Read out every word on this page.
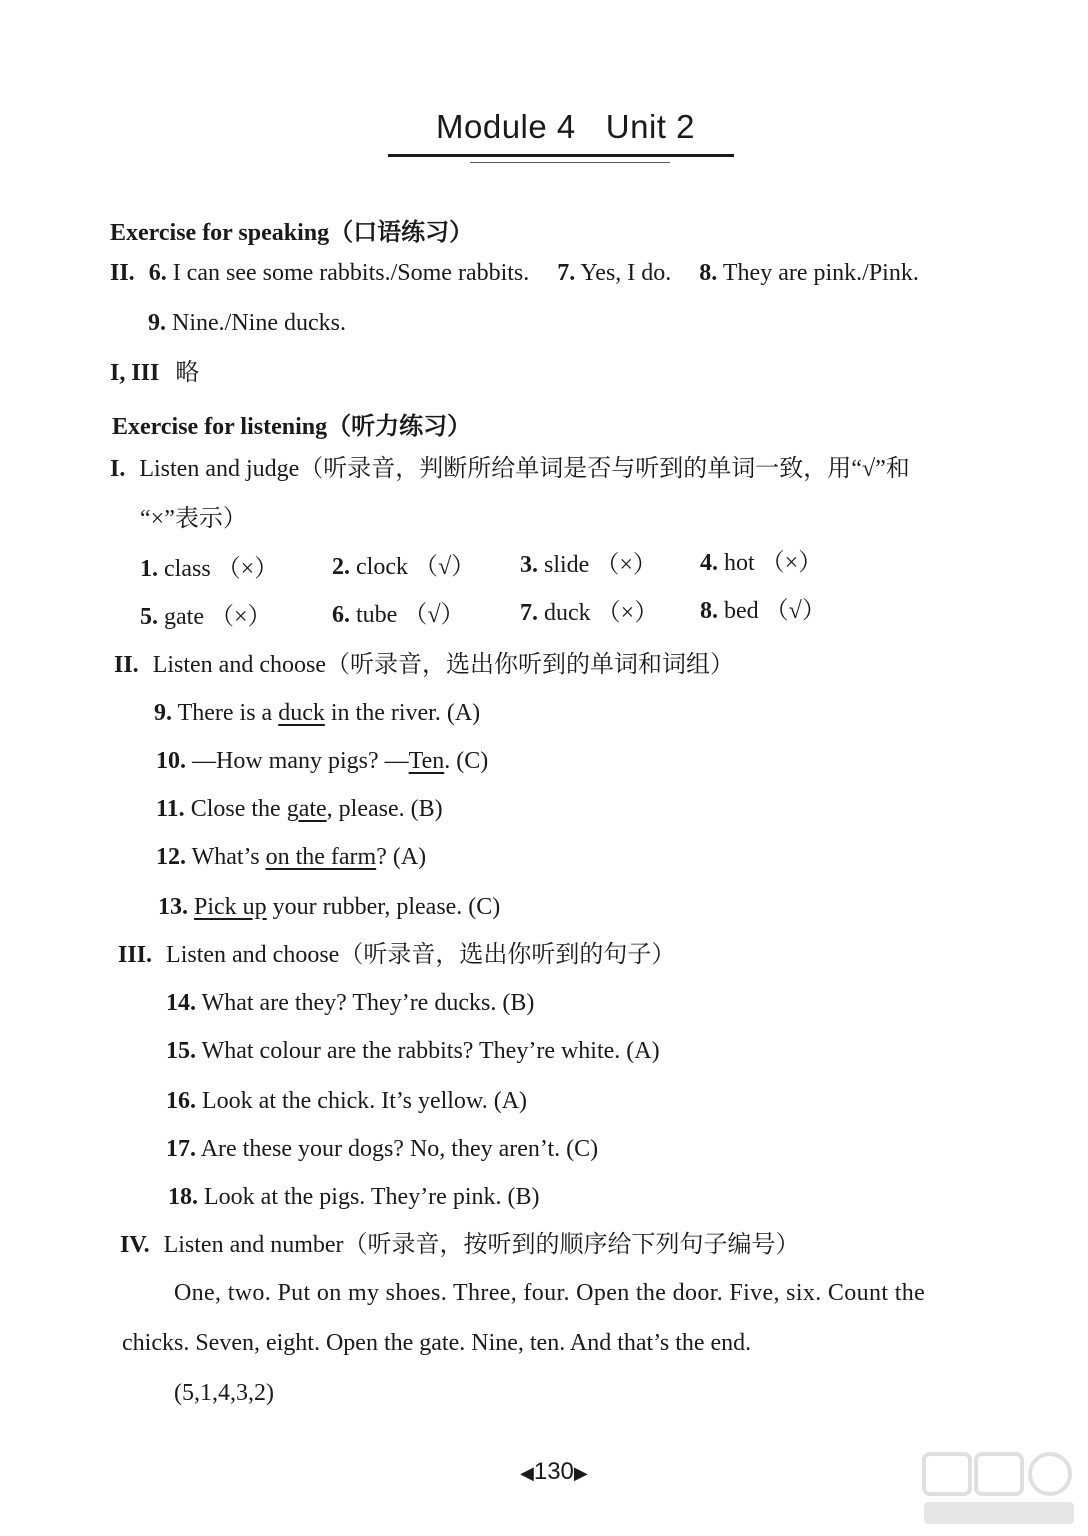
Module 4 Unit 2
Exercise for speaking（口语练习）
II. 6. I can see some rabbits./Some rabbits. 7. Yes, I do. 8. They are pink./Pink.
9. Nine./Nine ducks.
I, III 略
Exercise for listening（听力练习）
I. Listen and judge（听录音，判断所给单词是否与听到的单词一致，用“√”和
“×”表示）
1. class （×） 2. clock （√） 3. slide （×） 4. hot （×）
5. gate （×）	6. tube （√） 7. duck （×） 8. bed （√）
II. Listen and choose（听录音，选出你听到的单词和词组）
9. There is a duck in the river. (A)
10. —How many pigs? —Ten. (C)
11. Close the gate, please. (B)
12. What’s on the farm? (A)
13. Pick up your rubber, please. (C)
III. Listen and choose（听录音，选出你听到的句子）
14. What are they? They’re ducks. (B)
15. What colour are the rabbits? They’re white. (A)
16. Look at the chick. It’s yellow. (A)
17. Are these your dogs? No, they aren’t. (C)
18. Look at the pigs. They’re pink. (B)
IV. Listen and number（听录音，按听到的顺序给下列句子编号）
One, two. Put on my shoes. Three, four. Open the door. Five, six. Count the
chicks. Seven, eight. Open the gate. Nine, ten. And that’s the end.
(5,1,4,3,2)
◀130▶
